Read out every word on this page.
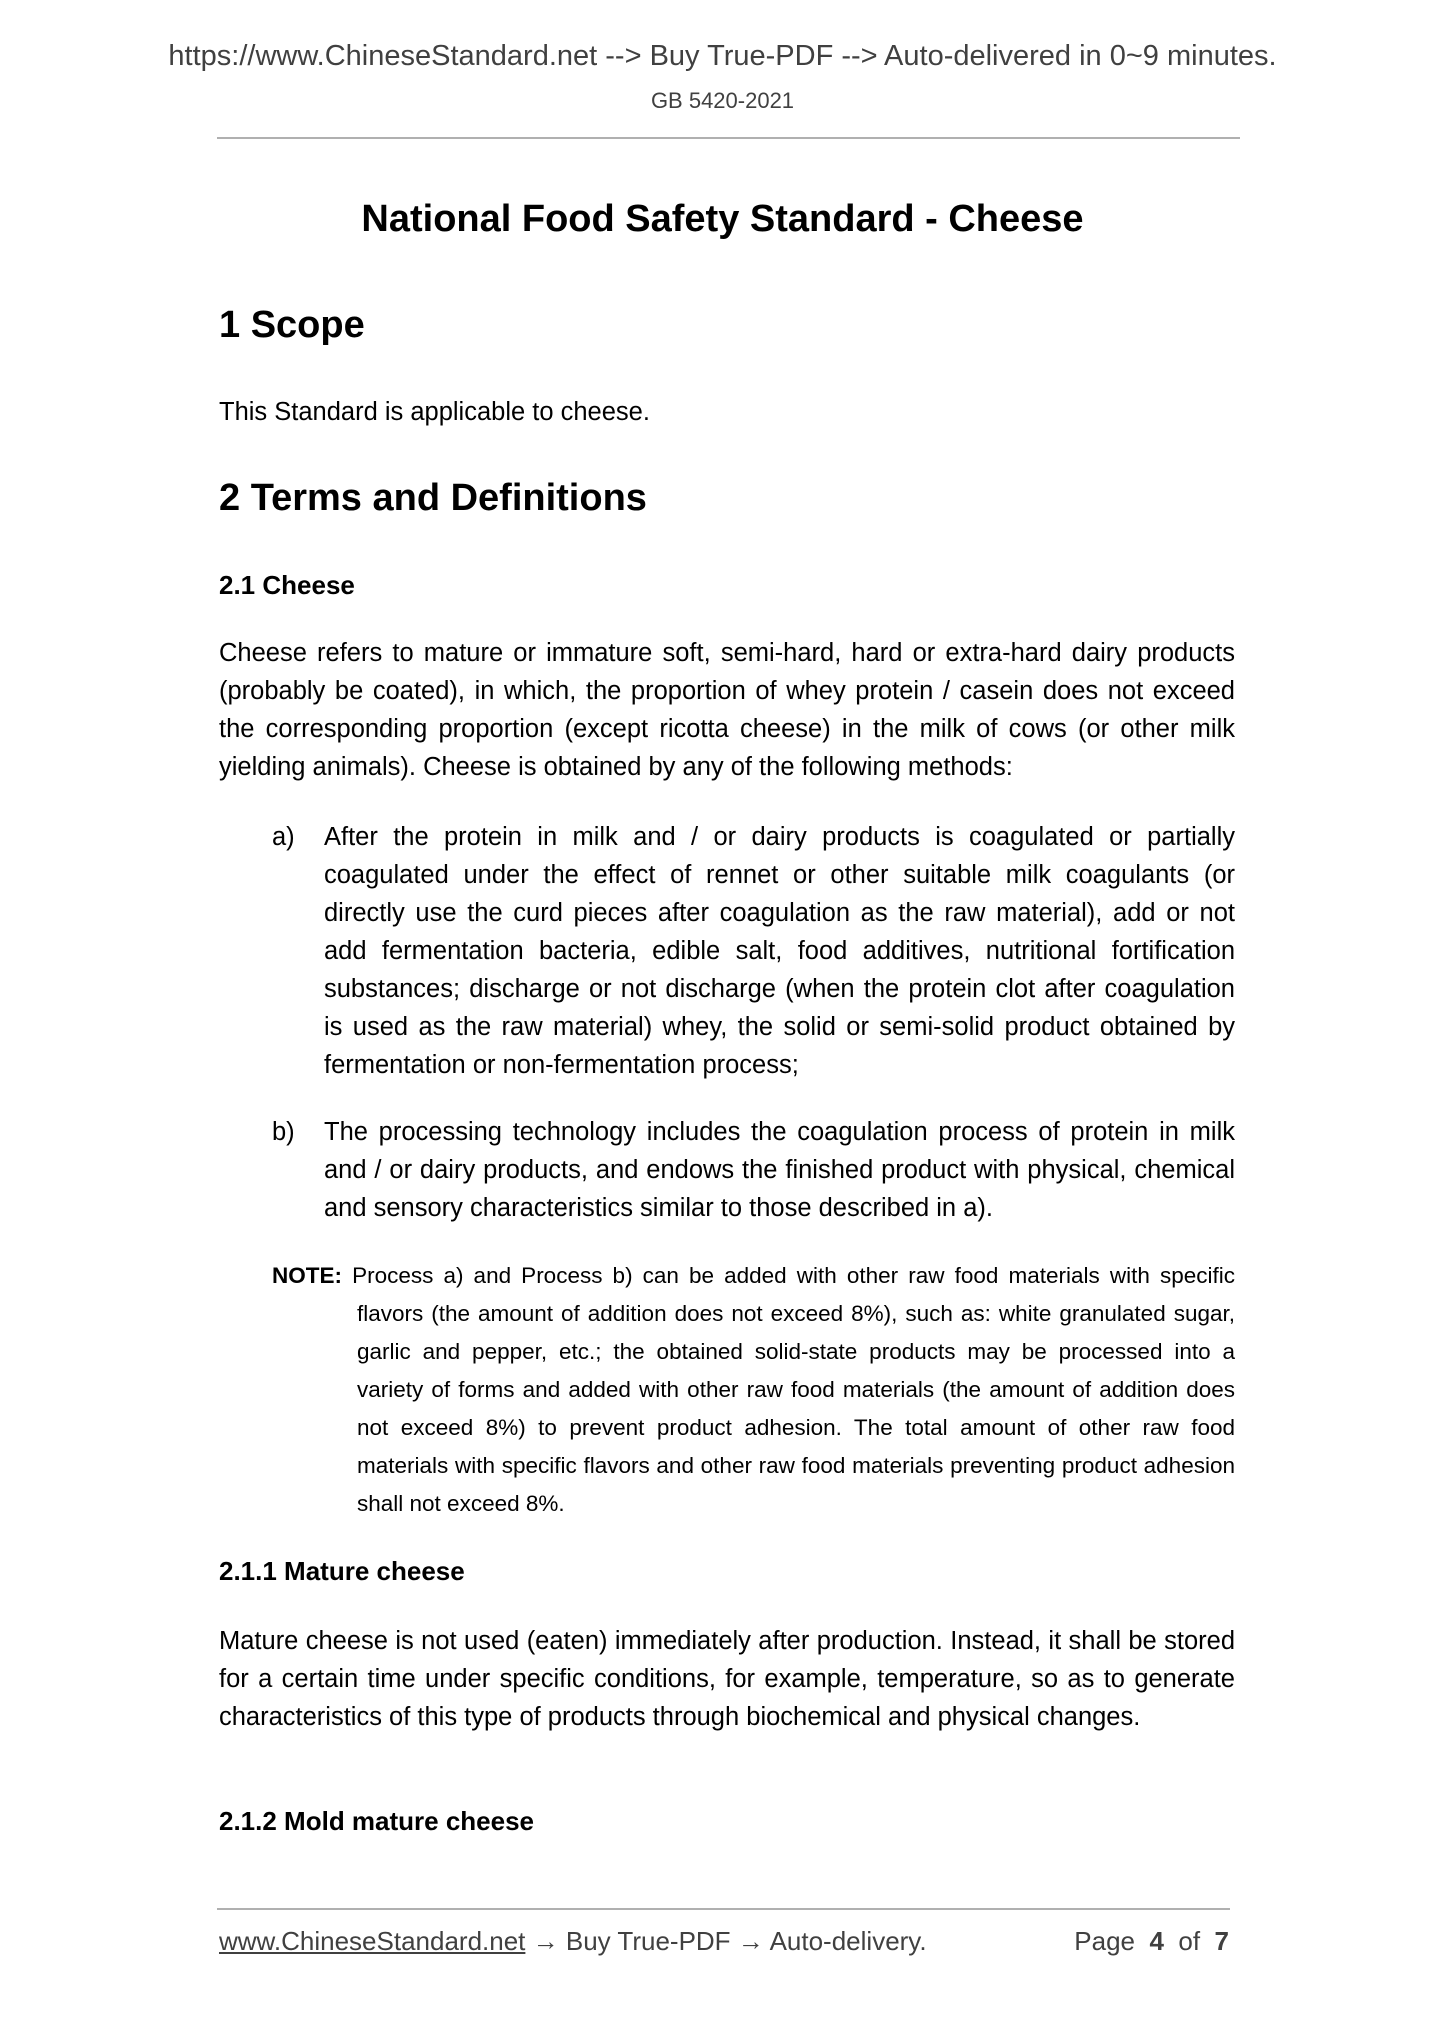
https://www.ChineseStandard.net --> Buy True-PDF --> Auto-delivered in 0~9 minutes.
GB 5420-2021
National Food Safety Standard - Cheese
1 Scope
This Standard is applicable to cheese.
2 Terms and Definitions
2.1 Cheese
Cheese refers to mature or immature soft, semi-hard, hard or extra-hard dairy products (probably be coated), in which, the proportion of whey protein / casein does not exceed the corresponding proportion (except ricotta cheese) in the milk of cows (or other milk yielding animals). Cheese is obtained by any of the following methods:
a) After the protein in milk and / or dairy products is coagulated or partially coagulated under the effect of rennet or other suitable milk coagulants (or directly use the curd pieces after coagulation as the raw material), add or not add fermentation bacteria, edible salt, food additives, nutritional fortification substances; discharge or not discharge (when the protein clot after coagulation is used as the raw material) whey, the solid or semi-solid product obtained by fermentation or non-fermentation process;
b) The processing technology includes the coagulation process of protein in milk and / or dairy products, and endows the finished product with physical, chemical and sensory characteristics similar to those described in a).
NOTE: Process a) and Process b) can be added with other raw food materials with specific flavors (the amount of addition does not exceed 8%), such as: white granulated sugar, garlic and pepper, etc.; the obtained solid-state products may be processed into a variety of forms and added with other raw food materials (the amount of addition does not exceed 8%) to prevent product adhesion. The total amount of other raw food materials with specific flavors and other raw food materials preventing product adhesion shall not exceed 8%.
2.1.1 Mature cheese
Mature cheese is not used (eaten) immediately after production. Instead, it shall be stored for a certain time under specific conditions, for example, temperature, so as to generate characteristics of this type of products through biochemical and physical changes.
2.1.2 Mold mature cheese
www.ChineseStandard.net → Buy True-PDF → Auto-delivery.	Page 4 of 7
